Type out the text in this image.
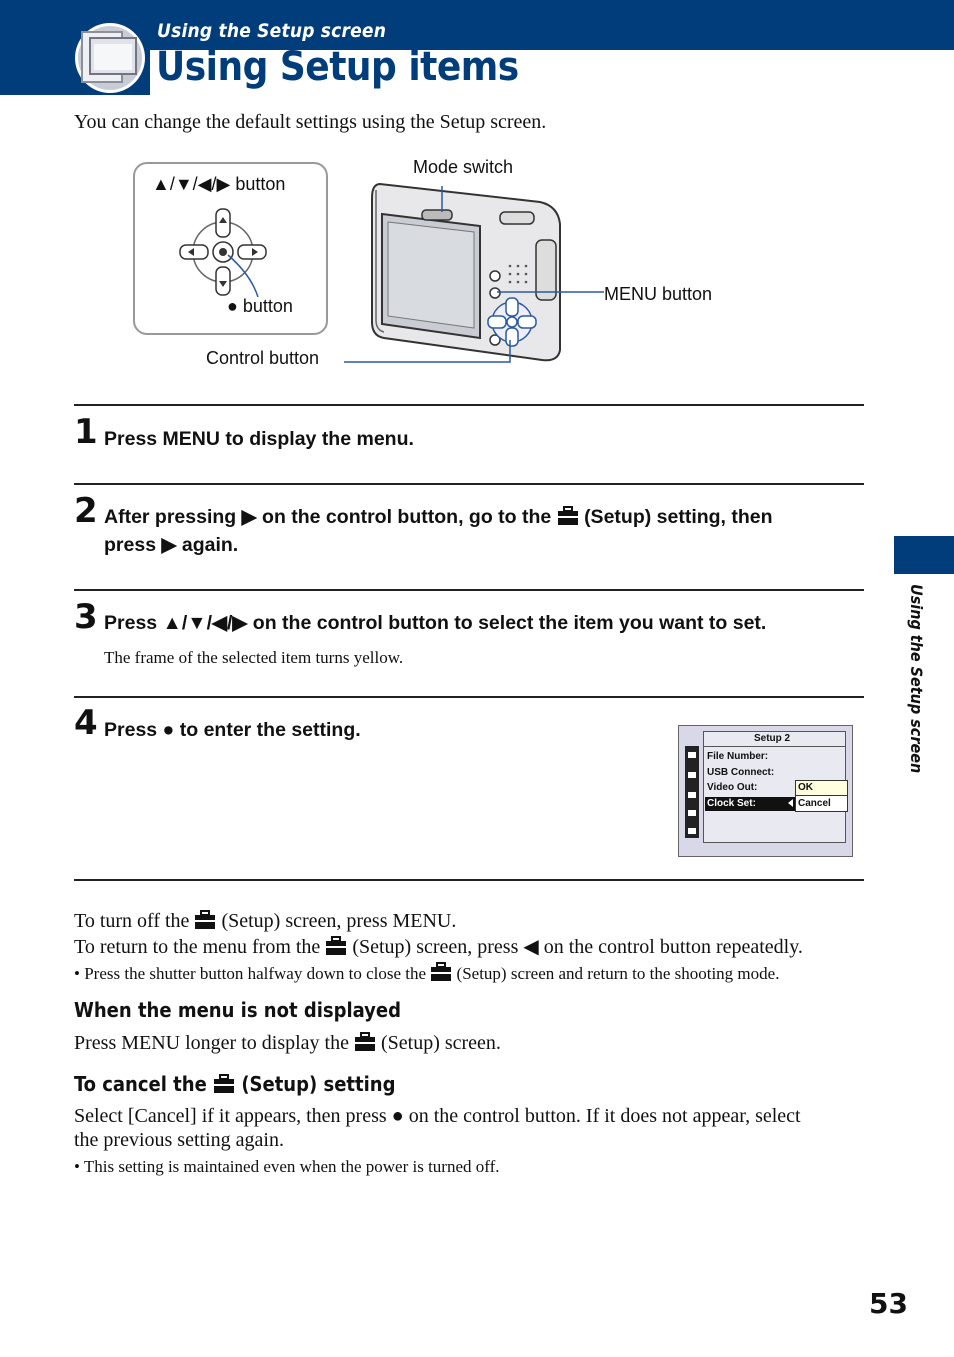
Using the Setup screen
Using Setup items
You can change the default settings using the Setup screen.
▲/▼/◀/▶ button
● button
Control button
Mode switch
MENU button
1 Press MENU to display the menu.
2 After pressing ▶ on the control button, go to the (Setup) setting, then
press ▶ again.
3 Press ▲/▼/◀/▶ on the control button to select the item you want to set.
The frame of the selected item turns yellow.
4 Press ● to enter the setting.	Setup 2
File Number:
USB Connect:
Video Out:
Clock Set:
OK
Cancel
To turn off the (Setup) screen, press MENU.
To return to the menu from the (Setup) screen, press ◀ on the control button repeatedly.
• Press the shutter button halfway down to close the (Setup) screen and return to the shooting mode.
When the menu is not displayed
Press MENU longer to display the (Setup) screen.
To cancel the (Setup) setting
Select [Cancel] if it appears, then press ● on the control button. If it does not appear, select
the previous setting again.
• This setting is maintained even when the power is turned off.
Using the Setup screen
53
